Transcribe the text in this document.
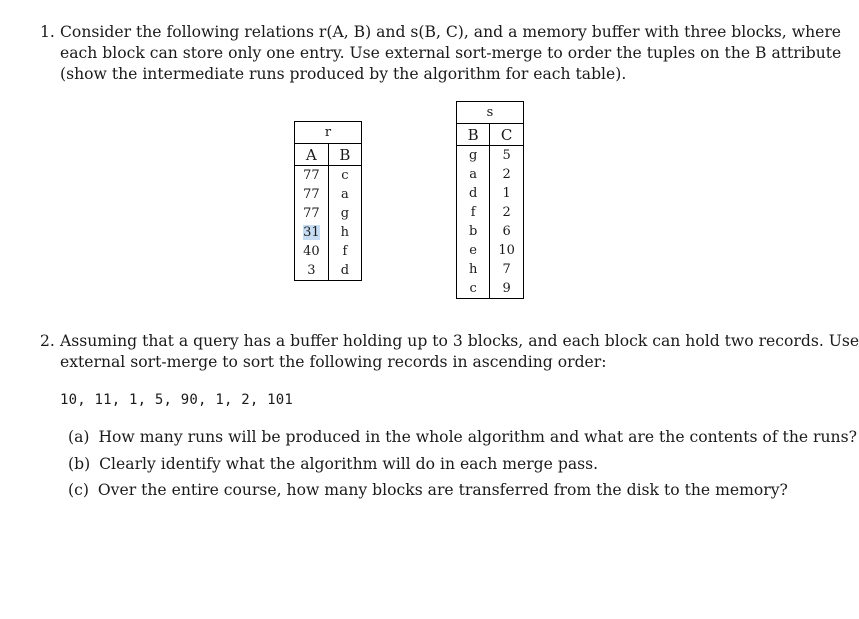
1. Consider the following relations r(A, B) and s(B, C), and a memory buffer with three blocks, where
each block can store only one entry. Use external sort-merge to order the tuples on the B attribute
(show the intermediate runs produced by the algorithm for each table).
r	
A	B
77	c
77	a
77	g
31	h
40	f
3	d
s	
B	C
g	5
a	2
d	1
f	2
b	6
e	10
h	7
c	9
2. Assuming that a query has a buffer holding up to 3 blocks, and each block can hold two records. Use
external sort-merge to sort the following records in ascending order:
10, 11, 1, 5, 90, 1, 2, 101
(a) How many runs will be produced in the whole algorithm and what are the contents of the runs?
(b) Clearly identify what the algorithm will do in each merge pass.
(c) Over the entire course, how many blocks are transferred from the disk to the memory?
